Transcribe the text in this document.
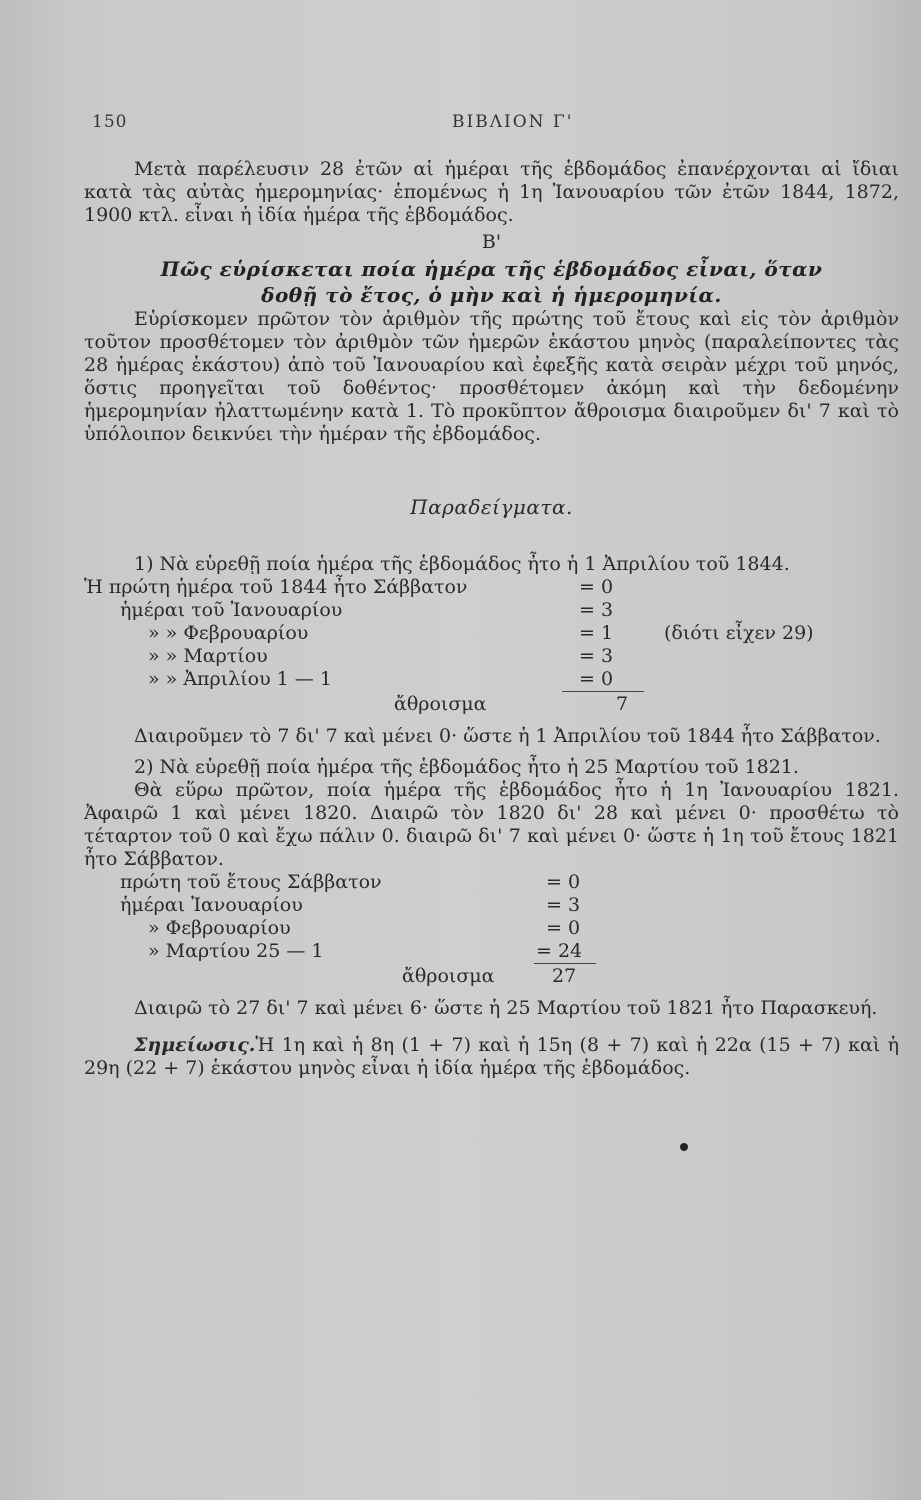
150	ΒΙΒΛΙΟΝ Γ'

Μετὰ παρέλευσιν 28 ἐτῶν αἱ ἡμέραι τῆς ἑβδομάδος ἐπανέρχονται αἱ ἴδιαι κατὰ τὰς αὐτὰς ἡμερομηνίας· ἑπομένως ἡ 1η Ἰανουαρίου τῶν ἐτῶν 1844, 1872, 1900 κτλ. εἶναι ἡ ἰδία ἡμέρα τῆς ἑβδομάδος.

Β'
Πῶς εὑρίσκεται ποία ἡμέρα τῆς ἑβδομάδος εἶναι, ὅταν
δοθῇ τὸ ἔτος, ὁ μὴν καὶ ἡ ἡμερομηνία.

Εὑρίσκομεν πρῶτον τὸν ἀριθμὸν τῆς πρώτης τοῦ ἔτους καὶ εἰς τὸν ἀριθμὸν τοῦτον προσθέτομεν τὸν ἀριθμὸν τῶν ἡμερῶν ἑκάστου μηνὸς (παραλείποντες τὰς 28 ἡμέρας ἑκάστου) ἀπὸ τοῦ Ἰανουαρίου καὶ ἐφεξῆς κατὰ σειρὰν μέχρι τοῦ μηνός, ὅστις προηγεῖται τοῦ δοθέντος· προσθέτομεν ἀκόμη καὶ τὴν δεδομένην ἡμερομηνίαν ἠλαττωμένην κατὰ 1. Τὸ προκῦπτον ἄθροισμα διαιροῦμεν δι' 7 καὶ τὸ ὑπόλοιπον δεικνύει τὴν ἡμέραν τῆς ἑβδομάδος.

Παραδείγματα.

1) Νὰ εὑρεθῇ ποία ἡμέρα τῆς ἑβδομάδος ἦτο ἡ 1 Ἀπριλίου τοῦ 1844.

Ἡ πρώτη ἡμέρα τοῦ 1844 ἦτο Σάββατον	= 0
ἡμέραι τοῦ Ἰανουαρίου	= 3
» » Φεβρουαρίου	= 1	(διότι εἶχεν 29)
» » Μαρτίου	= 3
» » Ἀπριλίου 1 — 1	= 0
ἄθροισμα	7

Διαιροῦμεν τὸ 7 δι' 7 καὶ μένει 0· ὥστε ἡ 1 Ἀπριλίου τοῦ 1844 ἦτο Σάββατον.

2) Νὰ εὑρεθῇ ποία ἡμέρα τῆς ἑβδομάδος ἦτο ἡ 25 Μαρτίου τοῦ 1821.

Θὰ εὕρω πρῶτον, ποία ἡμέρα τῆς ἑβδομάδος ἦτο ἡ 1η Ἰανουαρίου 1821. Ἀφαιρῶ 1 καὶ μένει 1820. Διαιρῶ τὸν 1820 δι' 28 καὶ μένει 0· προσθέτω τὸ τέταρτον τοῦ 0 καὶ ἔχω πάλιν 0. διαιρῶ δι' 7 καὶ μένει 0· ὥστε ἡ 1η τοῦ ἔτους 1821 ἦτο Σάββατον.

πρώτη τοῦ ἔτους Σάββατον	= 0
ἡμέραι Ἰανουαρίου	= 3
» Φεβρουαρίου	= 0
» Μαρτίου 25 — 1	= 24
ἄθροισμα	27

Διαιρῶ τὸ 27 δι' 7 καὶ μένει 6· ὥστε ἡ 25 Μαρτίου τοῦ 1821 ἦτο Παρασκευή.

Σημείωσις.Ἡ 1η καὶ ἡ 8η (1 + 7) καὶ ἡ 15η (8 + 7) καὶ ἡ 22α (15 + 7) καὶ ἡ 29η (22 + 7) ἑκάστου μηνὸς εἶναι ἡ ἰδία ἡμέρα τῆς ἑβδομάδος.
